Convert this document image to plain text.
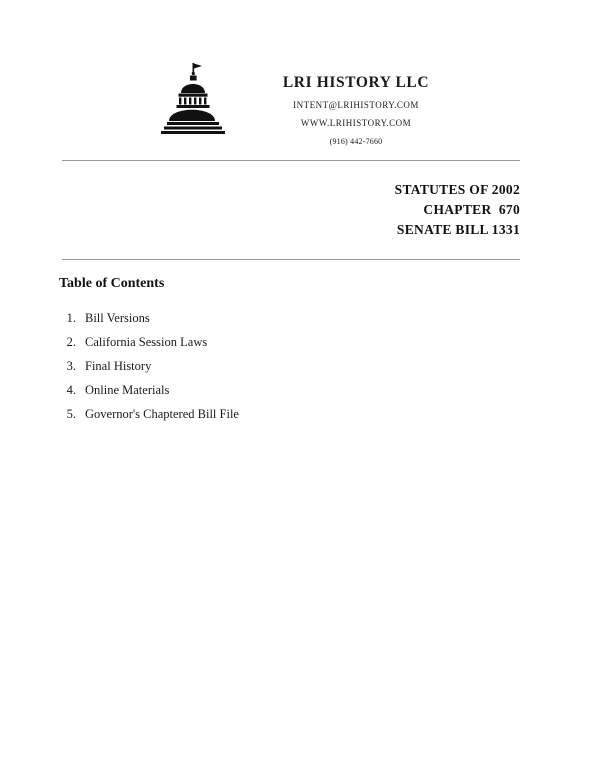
LRI HISTORY LLC
INTENT@LRIHISTORY.COM
WWW.LRIHISTORY.COM
(916) 442-7660
STATUTES OF 2002
CHAPTER  670
SENATE BILL 1331
Table of Contents
1. Bill Versions
2. California Session Laws
3. Final History
4. Online Materials
5. Governor's Chaptered Bill File
